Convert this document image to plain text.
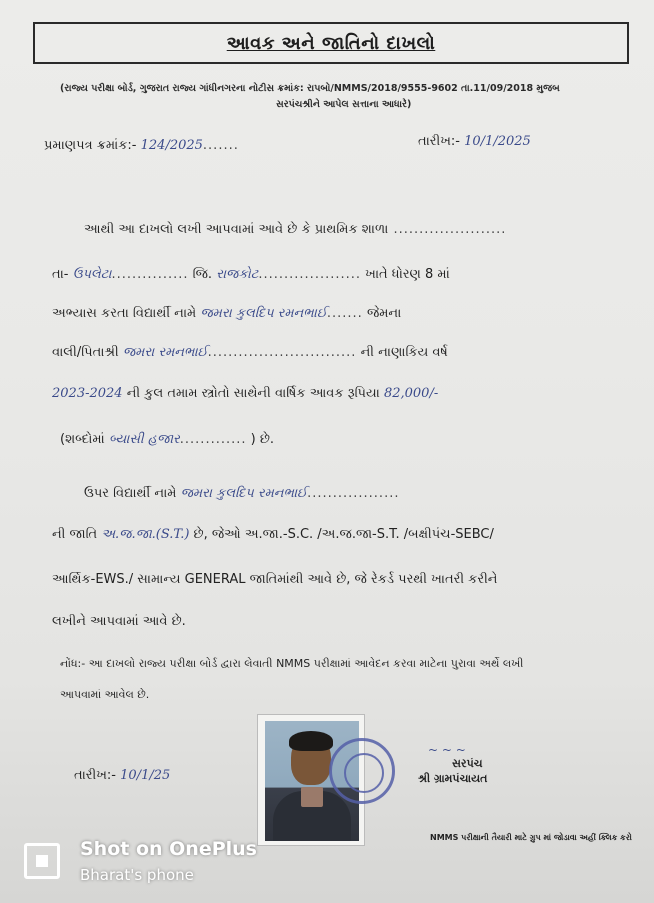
આવક અને જાતિનો દાખલો
(રાજ્ય પરીક્ષા બોર્ડ, ગુજરાત રાજ્ય ગાંધીનગરના નોટીસ ક્રમાંક: રાપબો/NMMS/2018/9555-9602 તા.11/09/2018 મુજબ
સરપંચશ્રીને આપેલ સત્તાના આધારે)
પ્રમાણપત્ર ક્રમાંક:- 124/2025.......	તારીખ:- 10/1/2025
આથી આ દાખલો લખી આપવામાં આવે છે કે પ્રાથમિક શાળા ......................
તા- ઉપલેટા............... જિ. રાજકોટ.................... ખાતે ધોરણ 8 માં
અભ્યાસ કરતા વિદ્યાર્થી નામે જમરા કુલદિપ રમનભાઈ....... જેમના
વાલી/પિતાશ્રી જમરા રમનભાઈ............................. ની નાણાકિય વર્ષ
2023-2024 ની કુલ તમામ સ્ત્રોતો સાથેની વાર્ષિક આવક રૂપિયા 82,000/-
(શબ્દોમાં બ્યાસી હજાર............. ) છે.
ઉપર વિદ્યાર્થી નામે જમરા કુલદિપ રમનભાઈ..................
ની જાતિ અ.જ.જા.(S.T.) છે, જેઓ અ.જા.-S.C. /અ.જ.જા-S.T. /બક્ષીપંચ-SEBC/
આર્થિક-EWS./ સામાન્ય GENERAL જાતિમાંથી આવે છે, જે રેકર્ડ પરથી ખાતરી કરીને
લખીને આપવામાં આવે છે.
નોંધ:- આ દાખલો રાજ્ય પરીક્ષા બોર્ડ દ્વારા લેવાતી NMMS પરીક્ષામાં આવેદન કરવા માટેના પુરાવા અર્થે લખી
આપવામાં આવેલ છે.
તારીખ:- 10/1/25
~ ~ ~
સરપંચ
શ્રી ગ્રામપંચાયત
NMMS પરીક્ષાની તૈયારી માટે ગ્રુપ માં જોડાવા અહીં ક્લિક કરો
Shot on OnePlus
Bharat's phone
